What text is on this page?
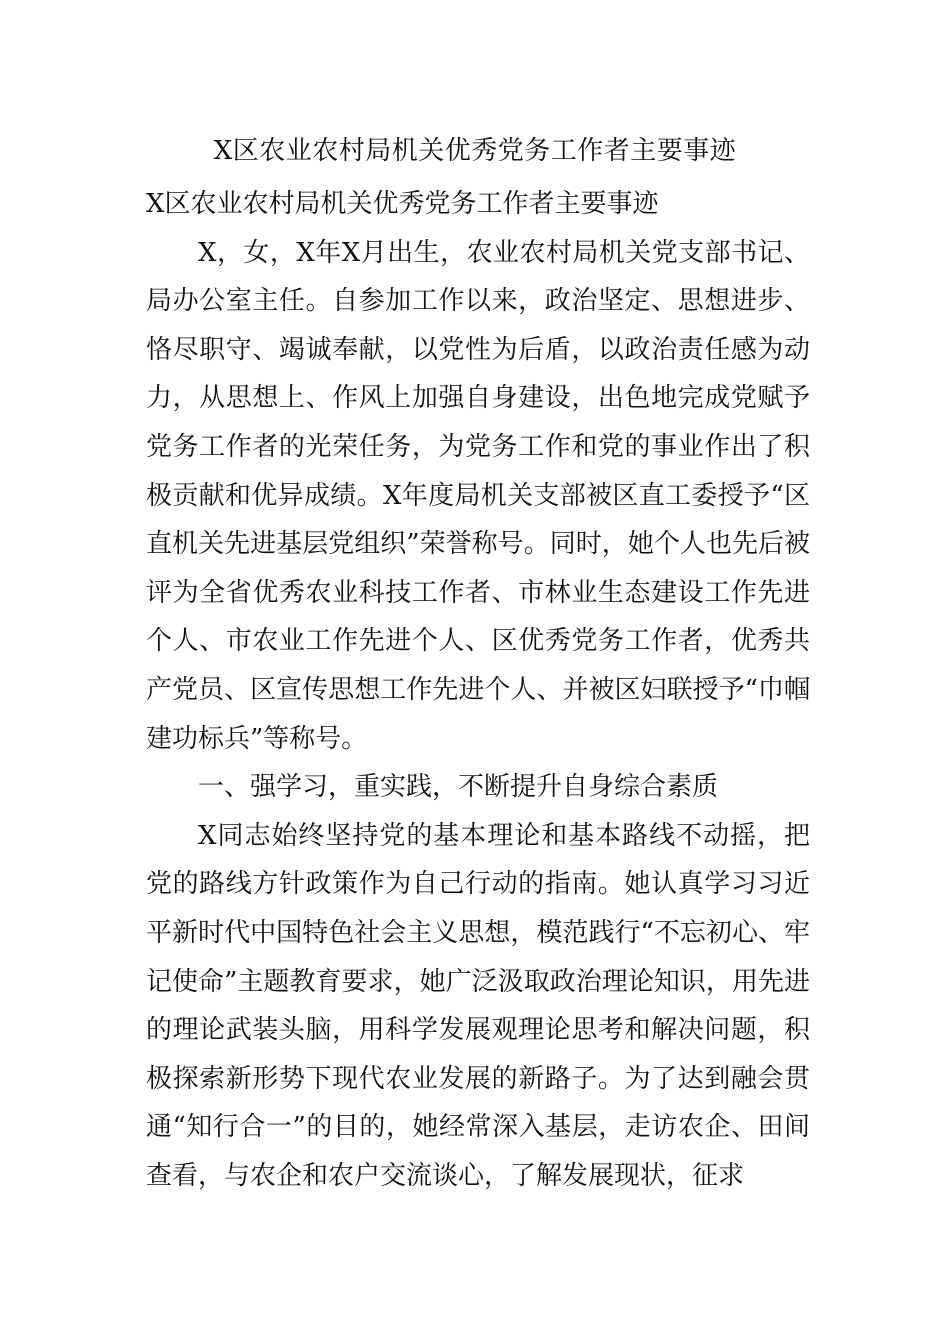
X区农业农村局机关优秀党务工作者主要事迹

X区农业农村局机关优秀党务工作者主要事迹

X，女，X年X月出生，农业农村局机关党支部书记、局办公室主任。自参加工作以来，政治坚定、思想进步、恪尽职守、竭诚奉献，以党性为后盾，以政治责任感为动力，从思想上、作风上加强自身建设，出色地完成党赋予党务工作者的光荣任务，为党务工作和党的事业作出了积极贡献和优异成绩。X年度局机关支部被区直工委授予“区直机关先进基层党组织”荣誉称号。同时，她个人也先后被评为全省优秀农业科技工作者、市林业生态建设工作先进个人、市农业工作先进个人、区优秀党务工作者，优秀共产党员、区宣传思想工作先进个人、并被区妇联授予“巾帼建功标兵”等称号。

一、强学习，重实践，不断提升自身综合素质

X同志始终坚持党的基本理论和基本路线不动摇，把党的路线方针政策作为自己行动的指南。她认真学习习近平新时代中国特色社会主义思想，模范践行“不忘初心、牢记使命”主题教育要求，她广泛汲取政治理论知识，用先进的理论武装头脑，用科学发展观理论思考和解决问题，积极探索新形势下现代农业发展的新路子。为了达到融会贯通“知行合一”的目的，她经常深入基层，走访农企、田间查看，与农企和农户交流谈心，了解发展现状，征求
